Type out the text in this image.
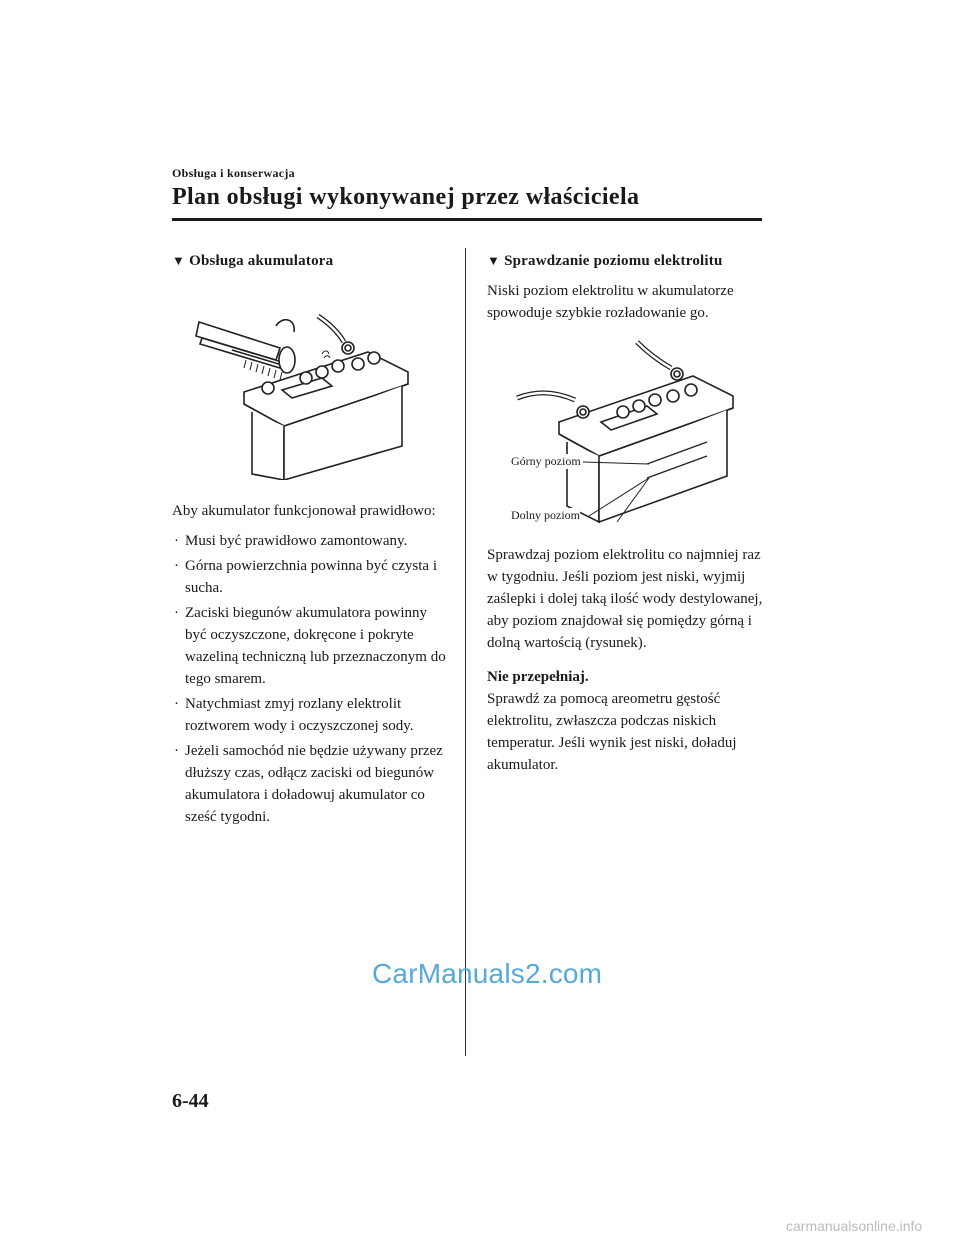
Obsługa i konserwacja
Plan obsługi wykonywanej przez właściciela
▼ Obsługa akumulatora

Aby akumulator funkcjonował prawidłowo:

· Musi być prawidłowo zamontowany.
· Górna powierzchnia powinna być czysta i sucha.
· Zaciski biegunów akumulatora powinny być oczyszczone, dokręcone i pokryte wazeliną techniczną lub przeznaczonym do tego smarem.
· Natychmiast zmyj rozlany elektrolit roztworem wody i oczyszczonej sody.
· Jeżeli samochód nie będzie używany przez dłuższy czas, odłącz zaciski od biegunów akumulatora i doładowuj akumulator co sześć tygodni.
▼ Sprawdzanie poziomu elektrolitu

Niski poziom elektrolitu w akumulatorze spowoduje szybkie rozładowanie go.

Górny poziom
Dolny poziom

Sprawdzaj poziom elektrolitu co najmniej raz w tygodniu. Jeśli poziom jest niski, wyjmij zaślepki i dolej taką ilość wody destylowanej, aby poziom znajdował się pomiędzy górną i dolną wartością (rysunek).

Nie przepełniaj.

Sprawdź za pomocą areometru gęstość elektrolitu, zwłaszcza podczas niskich temperatur. Jeśli wynik jest niski, doładuj akumulator.

CarManuals2.com
6-44
carmanualsonline.info
